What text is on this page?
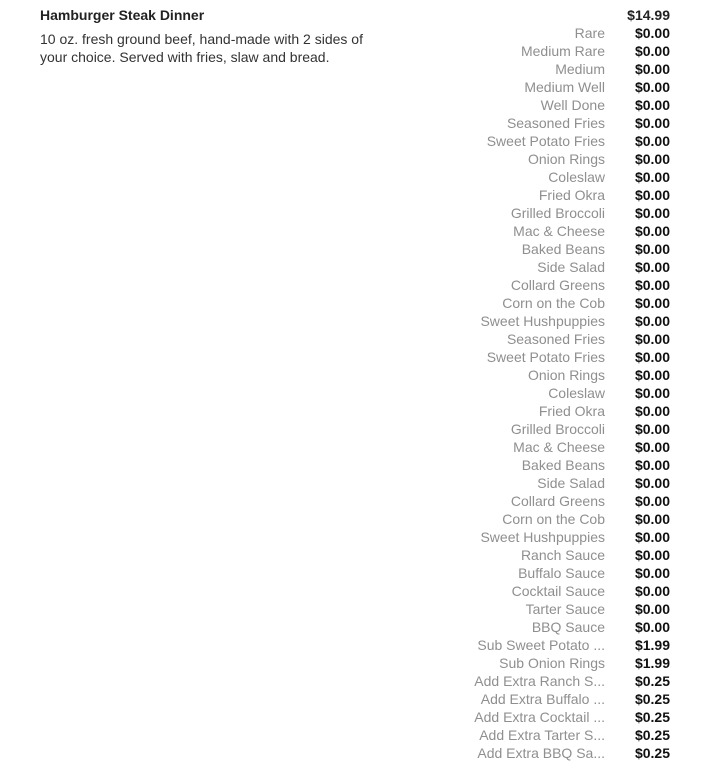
Hamburger Steak Dinner	$14.99
10 oz. fresh ground beef, hand-made with 2 sides of your choice. Served with fries, slaw and bread.
Rare	$0.00
Medium Rare	$0.00
Medium	$0.00
Medium Well	$0.00
Well Done	$0.00
Seasoned Fries	$0.00
Sweet Potato Fries	$0.00
Onion Rings	$0.00
Coleslaw	$0.00
Fried Okra	$0.00
Grilled Broccoli	$0.00
Mac & Cheese	$0.00
Baked Beans	$0.00
Side Salad	$0.00
Collard Greens	$0.00
Corn on the Cob	$0.00
Sweet Hushpuppies	$0.00
Seasoned Fries	$0.00
Sweet Potato Fries	$0.00
Onion Rings	$0.00
Coleslaw	$0.00
Fried Okra	$0.00
Grilled Broccoli	$0.00
Mac & Cheese	$0.00
Baked Beans	$0.00
Side Salad	$0.00
Collard Greens	$0.00
Corn on the Cob	$0.00
Sweet Hushpuppies	$0.00
Ranch Sauce	$0.00
Buffalo Sauce	$0.00
Cocktail Sauce	$0.00
Tarter Sauce	$0.00
BBQ Sauce	$0.00
Sub Sweet Potato ...	$1.99
Sub Onion Rings	$1.99
Add Extra Ranch S...	$0.25
Add Extra Buffalo ...	$0.25
Add Extra Cocktail ...	$0.25
Add Extra Tarter S...	$0.25
Add Extra BBQ Sa...	$0.25
